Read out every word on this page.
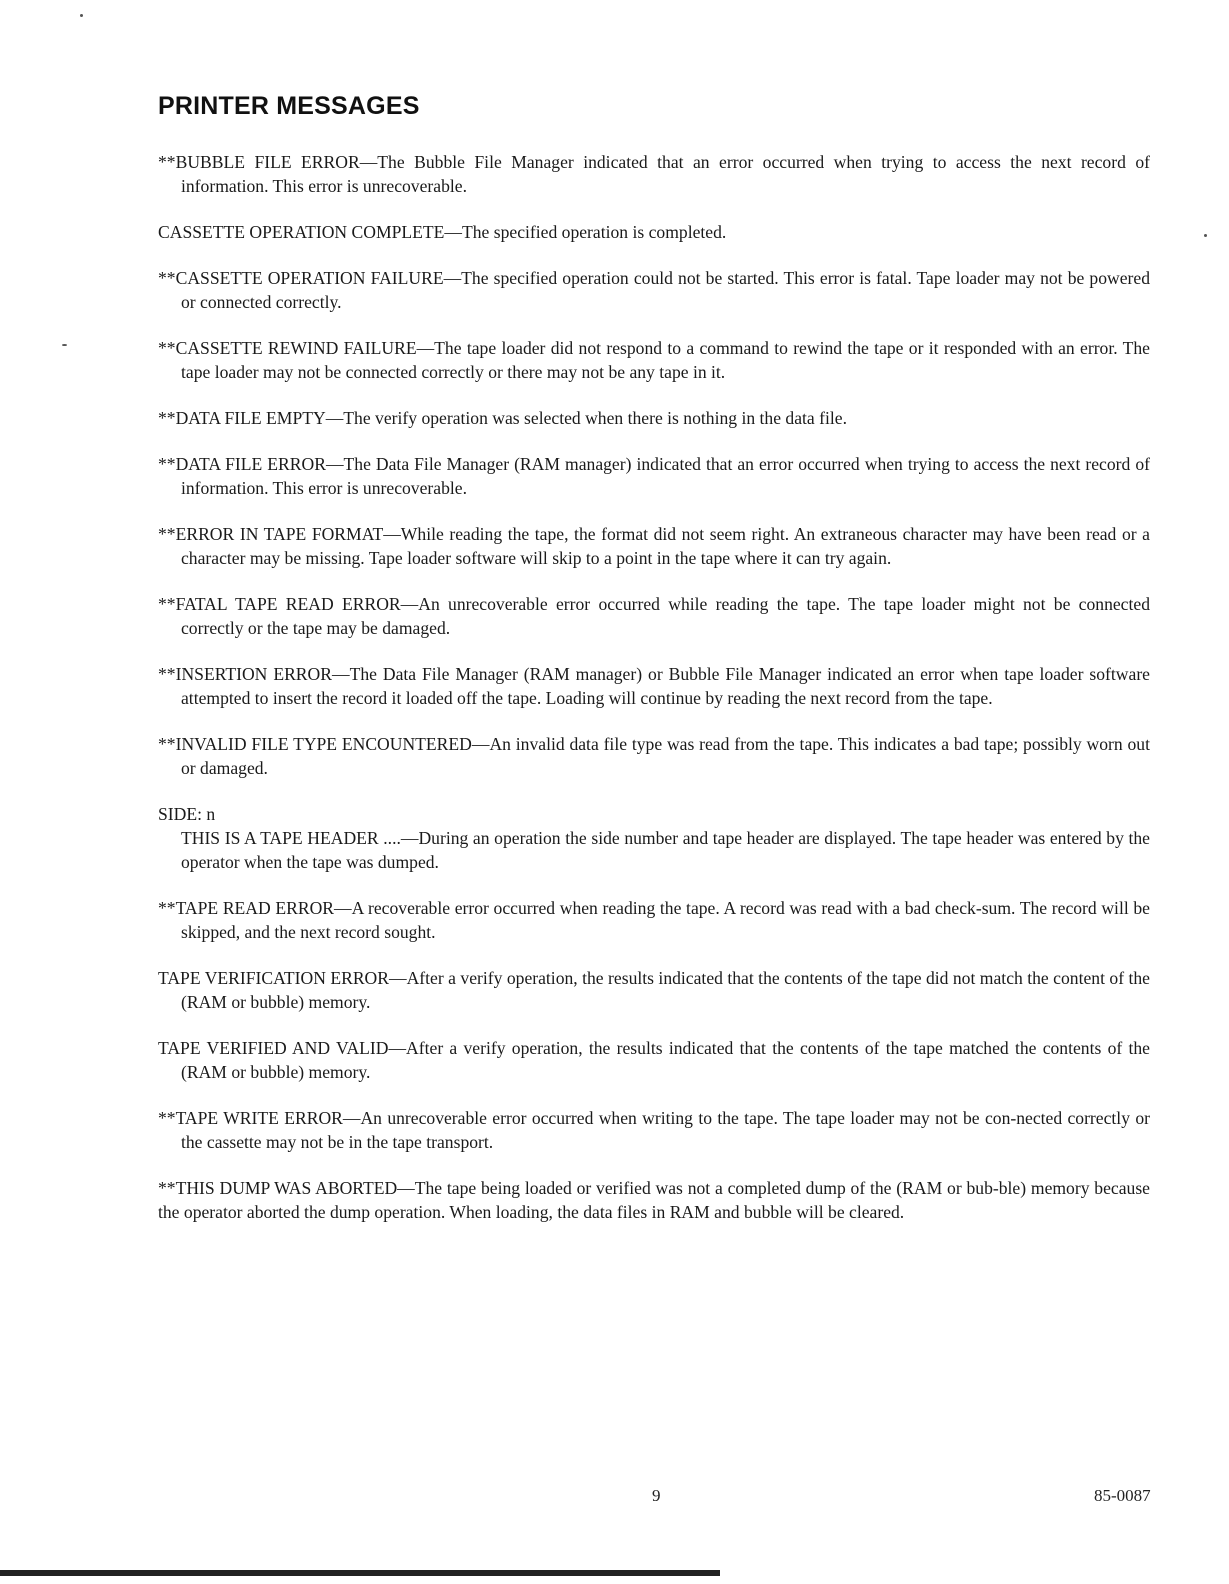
PRINTER MESSAGES

**BUBBLE FILE ERROR—The Bubble File Manager indicated that an error occurred when trying to access the next record of information. This error is unrecoverable.

CASSETTE OPERATION COMPLETE—The specified operation is completed.

**CASSETTE OPERATION FAILURE—The specified operation could not be started. This error is fatal. Tape loader may not be powered or connected correctly.

**CASSETTE REWIND FAILURE—The tape loader did not respond to a command to rewind the tape or it responded with an error. The tape loader may not be connected correctly or there may not be any tape in it.

**DATA FILE EMPTY—The verify operation was selected when there is nothing in the data file.

**DATA FILE ERROR—The Data File Manager (RAM manager) indicated that an error occurred when trying to access the next record of information. This error is unrecoverable.

**ERROR IN TAPE FORMAT—While reading the tape, the format did not seem right. An extraneous character may have been read or a character may be missing. Tape loader software will skip to a point in the tape where it can try again.

**FATAL TAPE READ ERROR—An unrecoverable error occurred while reading the tape. The tape loader might not be connected correctly or the tape may be damaged.

**INSERTION ERROR—The Data File Manager (RAM manager) or Bubble File Manager indicated an error when tape loader software attempted to insert the record it loaded off the tape. Loading will continue by reading the next record from the tape.

**INVALID FILE TYPE ENCOUNTERED—An invalid data file type was read from the tape. This indicates a bad tape; possibly worn out or damaged.

SIDE: n

THIS IS A TAPE HEADER ....—During an operation the side number and tape header are displayed. The tape header was entered by the operator when the tape was dumped.

**TAPE READ ERROR—A recoverable error occurred when reading the tape. A record was read with a bad check-sum. The record will be skipped, and the next record sought.

TAPE VERIFICATION ERROR—After a verify operation, the results indicated that the contents of the tape did not match the content of the (RAM or bubble) memory.

TAPE VERIFIED AND VALID—After a verify operation, the results indicated that the contents of the tape matched the contents of the (RAM or bubble) memory.

**TAPE WRITE ERROR—An unrecoverable error occurred when writing to the tape. The tape loader may not be con-nected correctly or the cassette may not be in the tape transport.

**THIS DUMP WAS ABORTED—The tape being loaded or verified was not a completed dump of the (RAM or bub-ble) memory because the operator aborted the dump operation. When loading, the data files in RAM and bubble will be cleared.

9	85-0087
